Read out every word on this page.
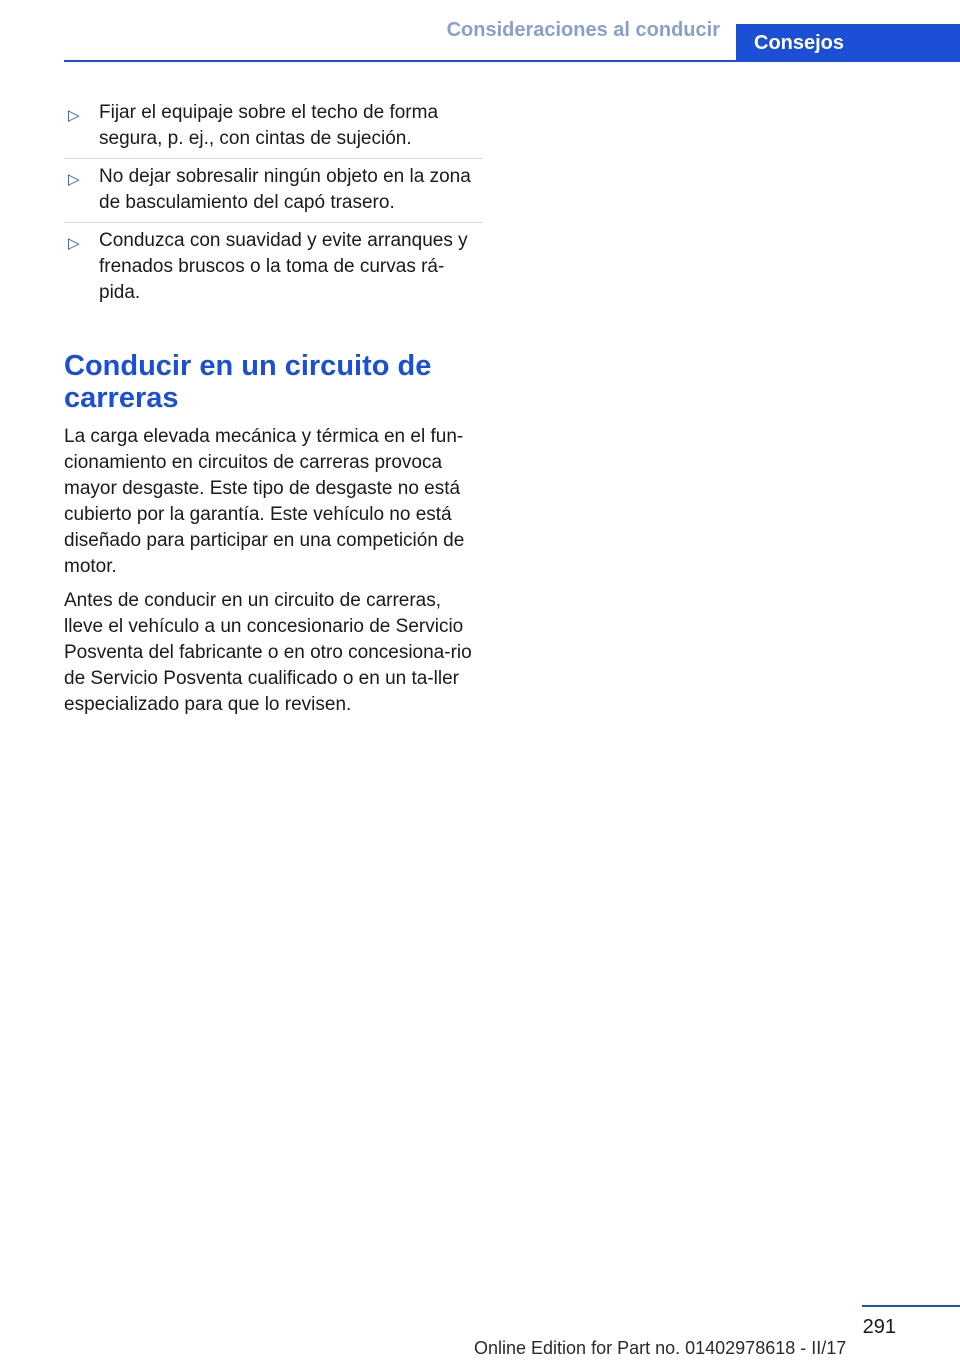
Consideraciones al conducir
Consejos
▷ Fijar el equipaje sobre el techo de forma segura, p. ej., con cintas de sujeción.
▷ No dejar sobresalir ningún objeto en la zona de basculamiento del capó trasero.
▷ Conduzca con suavidad y evite arranques y frenados bruscos o la toma de curvas rá-pida.
Conducir en un circuito de carreras

La carga elevada mecánica y térmica en el fun-cionamiento en circuitos de carreras provoca mayor desgaste. Este tipo de desgaste no está cubierto por la garantía. Este vehículo no está diseñado para participar en una competición de motor.

Antes de conducir en un circuito de carreras, lleve el vehículo a un concesionario de Servicio Posventa del fabricante o en otro concesiona-rio de Servicio Posventa cualificado o en un ta-ller especializado para que lo revisen.

291
Online Edition for Part no. 01402978618 - II/17
